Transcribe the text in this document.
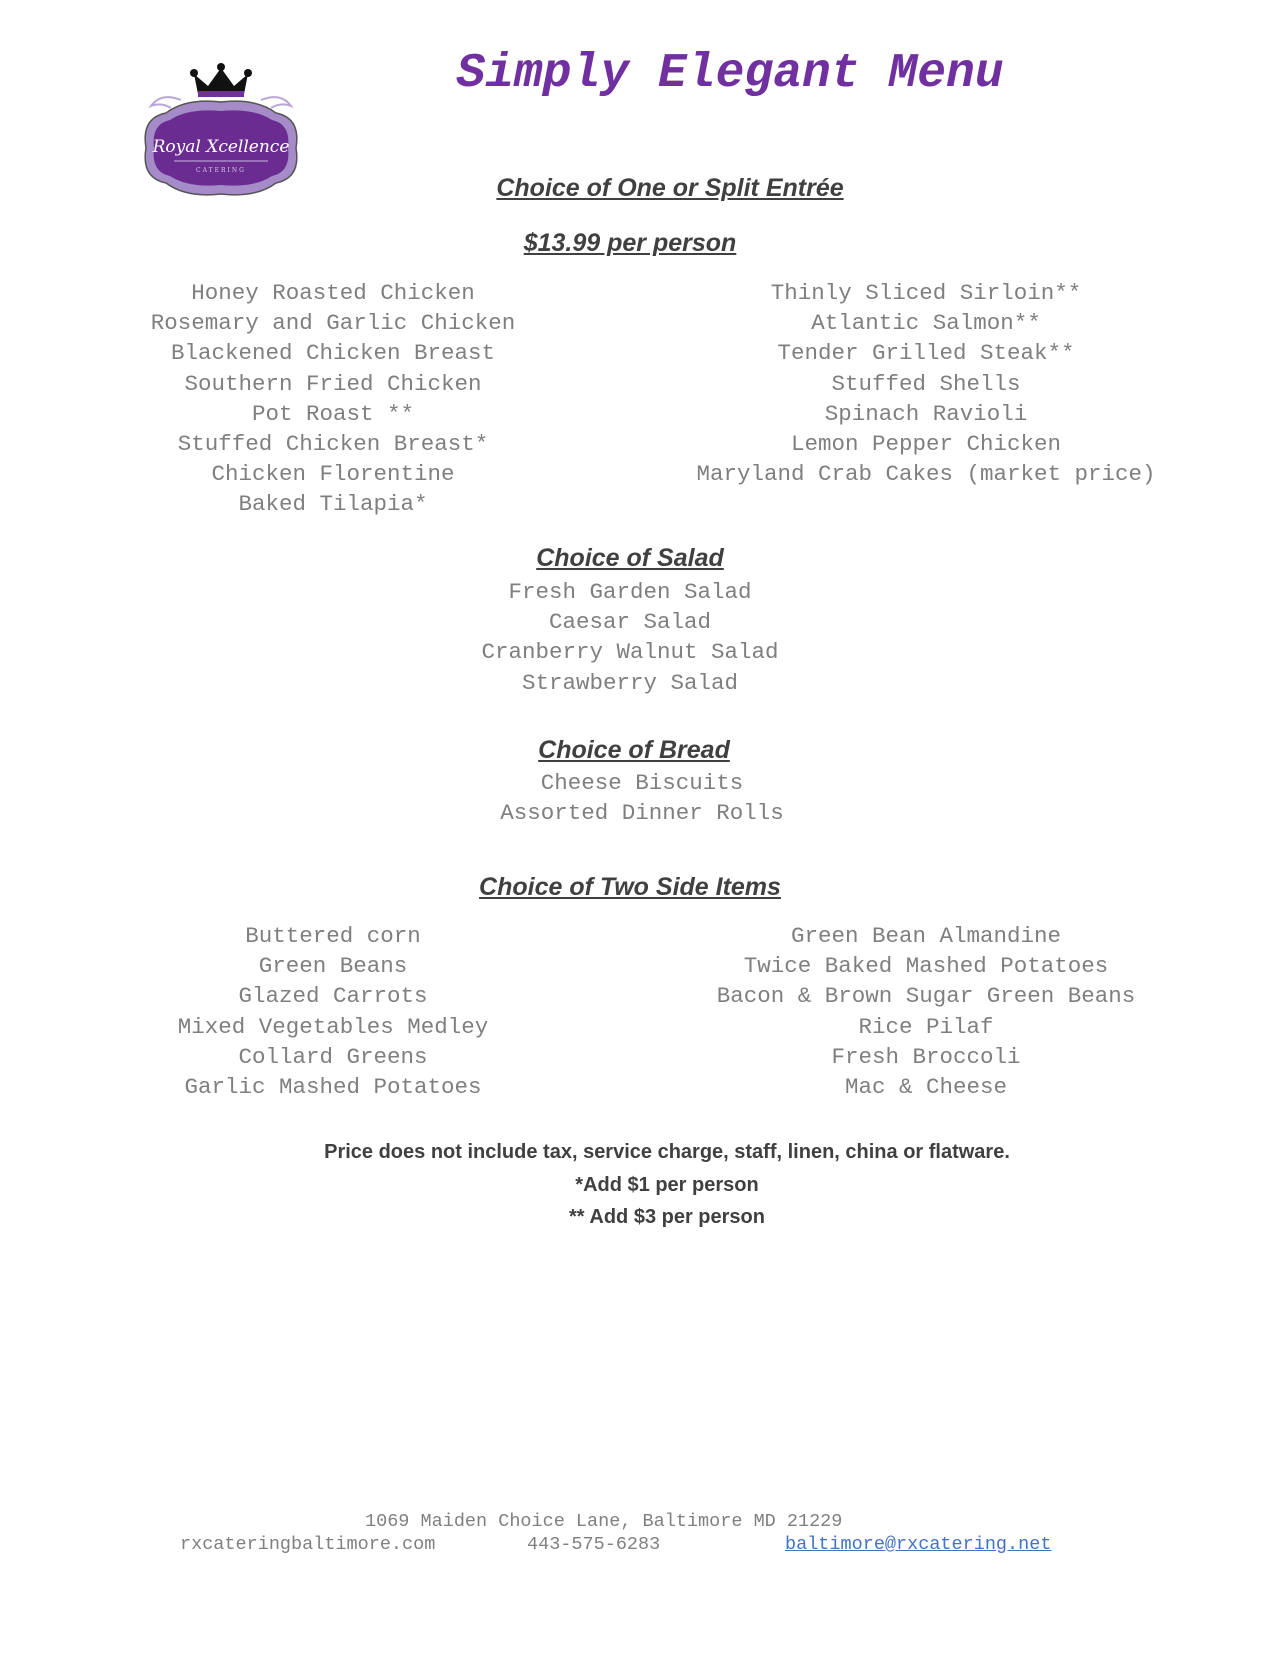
Royal Xcellence
CATERING
Simply Elegant Menu
Choice of One or Split Entrée
$13.99 per person
Honey Roasted Chicken
Rosemary and Garlic Chicken
Blackened Chicken Breast
Southern Fried Chicken
Pot Roast **
Stuffed Chicken Breast*
Chicken Florentine
Baked Tilapia*
Thinly Sliced Sirloin**
Atlantic Salmon**
Tender Grilled Steak**
Stuffed Shells
Spinach Ravioli
Lemon Pepper Chicken
Maryland Crab Cakes (market price)
Choice of Salad
Fresh Garden Salad
Caesar Salad
Cranberry Walnut Salad
Strawberry Salad
Choice of Bread
Cheese Biscuits
Assorted Dinner Rolls
Choice of Two Side Items
Buttered corn
Green Beans
Glazed Carrots
Mixed Vegetables Medley
Collard Greens
Garlic Mashed Potatoes
Green Bean Almandine
Twice Baked Mashed Potatoes
Bacon & Brown Sugar Green Beans
Rice Pilaf
Fresh Broccoli
Mac & Cheese
Price does not include tax, service charge, staff, linen, china or flatware.
*Add $1 per person
** Add $3 per person
1069 Maiden Choice Lane, Baltimore MD 21229
rxcateringbaltimore.com	443-575-6283	baltimore@rxcatering.net
